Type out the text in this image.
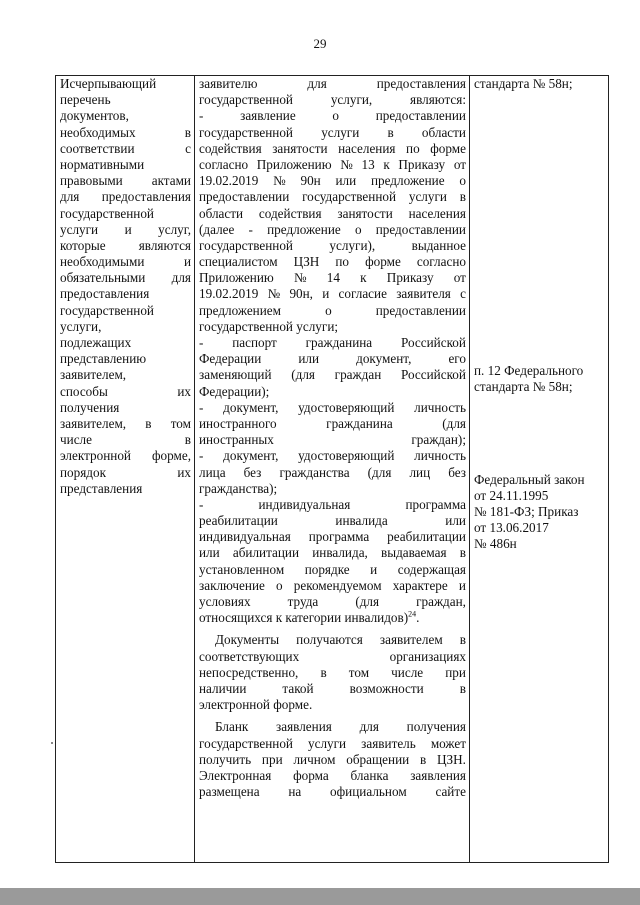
29
Исчерпывающий
перечень
документов,
необходимых	в
соответствии	с
нормативными
правовыми актами
для предоставления
государственной
услуги и услуг,
которые	являются
необходимыми	и
обязательными для
предоставления
государственной
услуги,
подлежащих
представлению
заявителем,
способы	их
получения
заявителем, в том
числе	в
электронной форме,
порядок	их
представления

заявителю	для	предоставления
государственной	услуги,	являются:
-	заявление	о	предоставлении
государственной услуги в области
содействия занятости населения по форме
согласно Приложению № 13 к Приказу от
19.02.2019 № 90н или предложение о
предоставлении государственной услуги в
области содействия занятости населения
(далее - предложение о предоставлении
государственной	услуги),	выданное
специалистом ЦЗН по форме согласно
Приложению № 14 к Приказу от
19.02.2019 № 90н, и согласие заявителя с
предложением	о	предоставлении
государственной услуги;
- паспорт гражданина Российской
Федерации	или	документ,	его
заменяющий (для граждан Российской
Федерации);
- документ, удостоверяющий личность
иностранного	гражданина	(для
иностранных	граждан);
- документ, удостоверяющий личность
лица без гражданства (для лиц без
гражданства);
-	индивидуальная	программа
реабилитации	инвалида	или
индивидуальная программа реабилитации
или абилитации инвалида, выдаваемая в
установленном порядке и содержащая
заключение о рекомендуемом характере и
условиях	труда	(для	граждан,
относящихся к категории инвалидов)$^{24}$.
Документы получаются заявителем в
соответствующих	организациях
непосредственно, в том числе при
наличии	такой	возможности	в
электронной форме.
Бланк заявления для получения
государственной услуги заявитель может
получить при личном обращении в ЦЗН.
Электронная форма бланка заявления
размещена на официальном сайте

стандарта № 58н;
п. 12 Федерального
стандарта № 58н;
Федеральный закон
от 24.11.1995
№ 181-ФЗ; Приказ
от 13.06.2017
№ 486н
